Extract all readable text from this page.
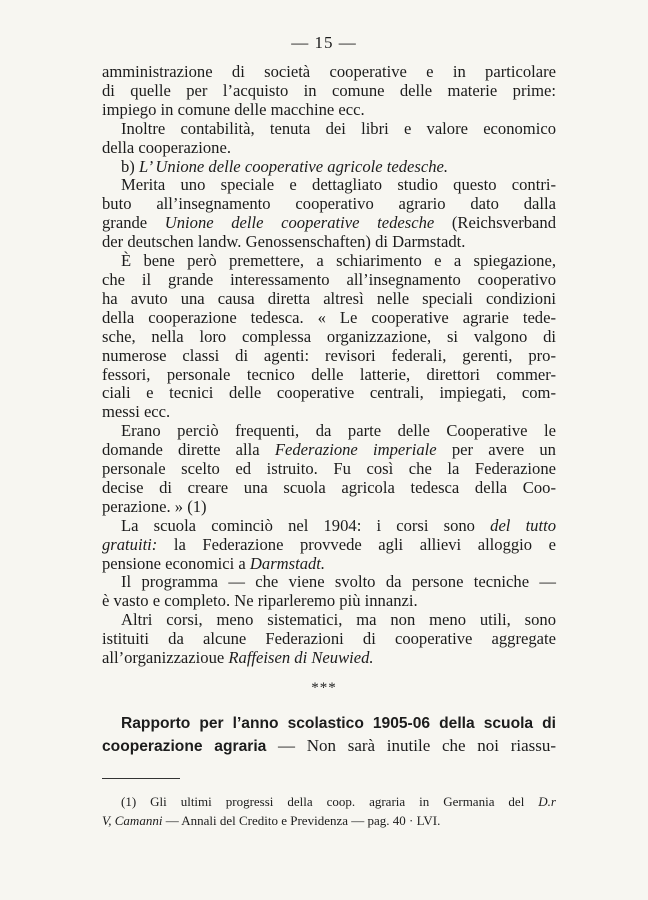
— 15 —
amministrazione di società cooperative e in particolare
di quelle per l’acquisto in comune delle materie prime:
impiego in comune delle macchine ecc.
Inoltre contabilità, tenuta dei libri e valore economico
della cooperazione.
b) L’ Unione delle cooperative agricole tedesche.
Merita uno speciale e dettagliato studio questo contri-
buto all’insegnamento cooperativo agrario dato dalla
grande Unione delle cooperative tedesche (Reichsverband
der deutschen landw. Genossenschaften) di Darmstadt.
È bene però premettere, a schiarimento e a spiegazione,
che il grande interessamento all’insegnamento cooperativo
ha avuto una causa diretta altresì nelle speciali condizioni
della cooperazione tedesca. « Le cooperative agrarie tede-
sche, nella loro complessa organizzazione, si valgono di
numerose classi di agenti: revisori federali, gerenti, pro-
fessori, personale tecnico delle latterie, direttori commer-
ciali e tecnici delle cooperative centrali, impiegati, com-
messi ecc.
Erano perciò frequenti, da parte delle Cooperative le
domande dirette alla Federazione imperiale per avere un
personale scelto ed istruito. Fu così che la Federazione
decise di creare una scuola agricola tedesca della Coo-
perazione. » (1)
La scuola cominciò nel 1904: i corsi sono del tutto
gratuiti: la Federazione provvede agli allievi alloggio e
pensione economici a Darmstadt.
Il programma — che viene svolto da persone tecniche —
è vasto e completo. Ne riparleremo più innanzi.
Altri corsi, meno sistematici, ma non meno utili, sono
istituiti da alcune Federazioni di cooperative aggregate
all’organizzaziouе Raffeisen di Neuwied.
***
Rapporto per l’anno scolastico 1905-06 della scuola di
cooperazione agraria — Non sarà inutile che noi riassu-
(1) Gli ultimi progressi della coop. agraria in Germania del D.r
V, Camanni — Annali del Credito e Previdenza — pag. 40 · LVI.
